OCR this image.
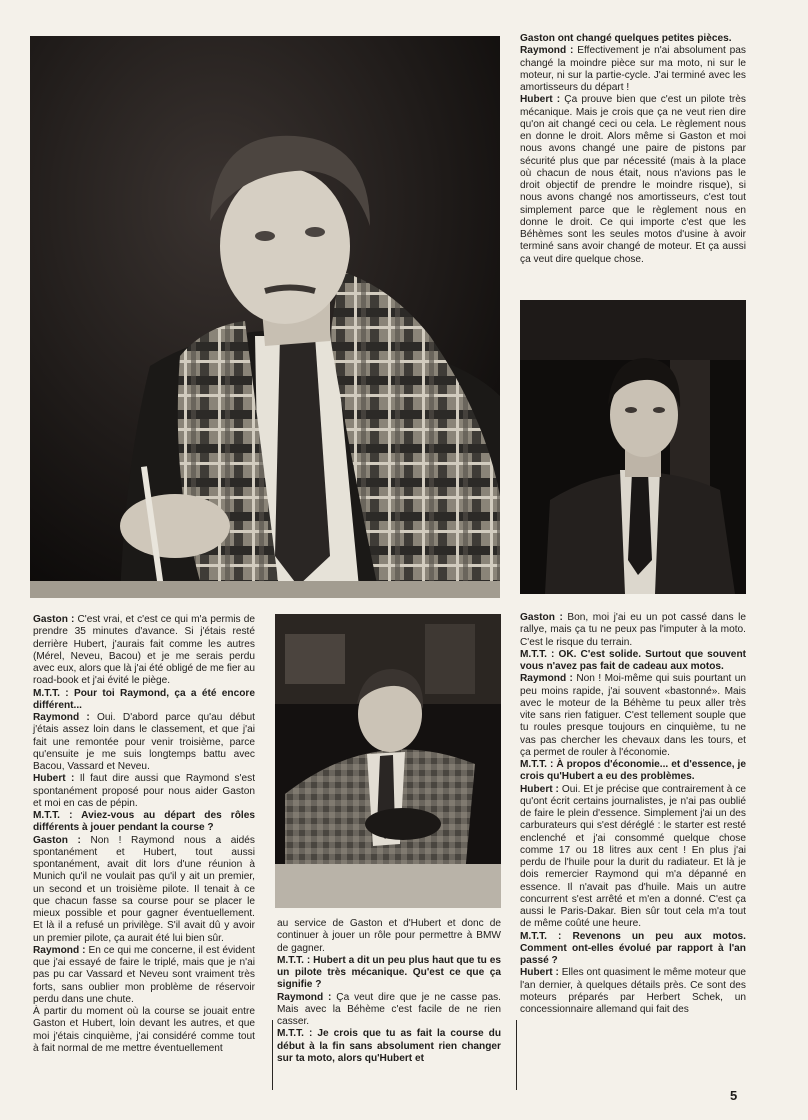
Gaston ont changé quelques petites pièces.

Raymond : Effectivement je n'ai absolument pas changé la moindre pièce sur ma moto, ni sur le moteur, ni sur la partie-cycle. J'ai terminé avec les amortisseurs du départ !

Hubert : Ça prouve bien que c'est un pilote très mécanique. Mais je crois que ça ne veut rien dire qu'on ait changé ceci ou cela. Le règlement nous en donne le droit. Alors même si Gaston et moi nous avons changé une paire de pistons par sécurité plus que par nécessité (mais à la place où chacun de nous était, nous n'avions pas le droit objectif de prendre le moindre risque), si nous avons changé nos amortisseurs, c'est tout simplement parce que le règlement nous en donne le droit. Ce qui importe c'est que les Béhèmes sont les seules motos d'usine à avoir terminé sans avoir changé de moteur. Et ça aussi ça veut dire quelque chose.

Gaston : C'est vrai, et c'est ce qui m'a permis de prendre 35 minutes d'avance. Si j'étais resté derrière Hubert, j'aurais fait comme les autres (Mérel, Neveu, Bacou) et je me serais perdu avec eux, alors que là j'ai été obligé de me fier au road-book et j'ai évité le piège.

M.T.T. : Pour toi Raymond, ça a été encore différent...

Raymond : Oui. D'abord parce qu'au début j'étais assez loin dans le classement, et que j'ai fait une remontée pour venir troisième, parce qu'ensuite je me suis longtemps battu avec Bacou, Vassard et Neveu.

Hubert : Il faut dire aussi que Raymond s'est spontanément proposé pour nous aider Gaston et moi en cas de pépin.

M.T.T. : Aviez-vous au départ des rôles différents à jouer pendant la course ?

Gaston : Non ! Raymond nous a aidés spontanément et Hubert, tout aussi spontanément, avait dit lors d'une réunion à Munich qu'il ne voulait pas qu'il y ait un premier, un second et un troisième pilote. Il tenait à ce que chacun fasse sa course pour se placer le mieux possible et pour gagner éventuellement. Et là il a refusé un privilège. S'il avait dû y avoir un premier pilote, ça aurait été lui bien sûr.

Raymond : En ce qui me concerne, il est évident que j'ai essayé de faire le triplé, mais que je n'ai pas pu car Vassard et Neveu sont vraiment très forts, sans oublier mon problème de réservoir perdu dans une chute.

À partir du moment où la course se jouait entre Gaston et Hubert, loin devant les autres, et que moi j'étais cinquième, j'ai considéré comme tout à fait normal de me mettre éventuellement

au service de Gaston et d'Hubert et donc de continuer à jouer un rôle pour permettre à BMW de gagner.

M.T.T. : Hubert a dit un peu plus haut que tu es un pilote très mécanique. Qu'est ce que ça signifie ?

Raymond : Ça veut dire que je ne casse pas. Mais avec la Béhème c'est facile de ne rien casser.

M.T.T. : Je crois que tu as fait la course du début à la fin sans absolument rien changer sur ta moto, alors qu'Hubert et

Gaston : Bon, moi j'ai eu un pot cassé dans le rallye, mais ça tu ne peux pas l'imputer à la moto. C'est le risque du terrain.

M.T.T. : OK. C'est solide. Surtout que souvent vous n'avez pas fait de cadeau aux motos.

Raymond : Non ! Moi-même qui suis pourtant un peu moins rapide, j'ai souvent «bastonné». Mais avec le moteur de la Béhème tu peux aller très vite sans rien fatiguer. C'est tellement souple que tu roules presque toujours en cinquième, tu ne vas pas chercher les chevaux dans les tours, et ça permet de rouler à l'économie.

M.T.T. : À propos d'économie... et d'essence, je crois qu'Hubert a eu des problèmes.

Hubert : Oui. Et je précise que contrairement à ce qu'ont écrit certains journalistes, je n'ai pas oublié de faire le plein d'essence. Simplement j'ai un des carburateurs qui s'est déréglé : le starter est resté enclenché et j'ai consommé quelque chose comme 17 ou 18 litres aux cent ! En plus j'ai perdu de l'huile pour la durit du radiateur. Et là je dois remercier Raymond qui m'a dépanné en essence. Il n'avait pas d'huile. Mais un autre concurrent s'est arrêté et m'en a donné. C'est ça aussi le Paris-Dakar. Bien sûr tout cela m'a tout de même coûté une heure.

M.T.T. : Revenons un peu aux motos. Comment ont-elles évolué par rapport à l'an passé ?

Hubert : Elles ont quasiment le même moteur que l'an dernier, à quelques détails près. Ce sont des moteurs préparés par Herbert Schek, un concessionnaire allemand qui fait des

5
